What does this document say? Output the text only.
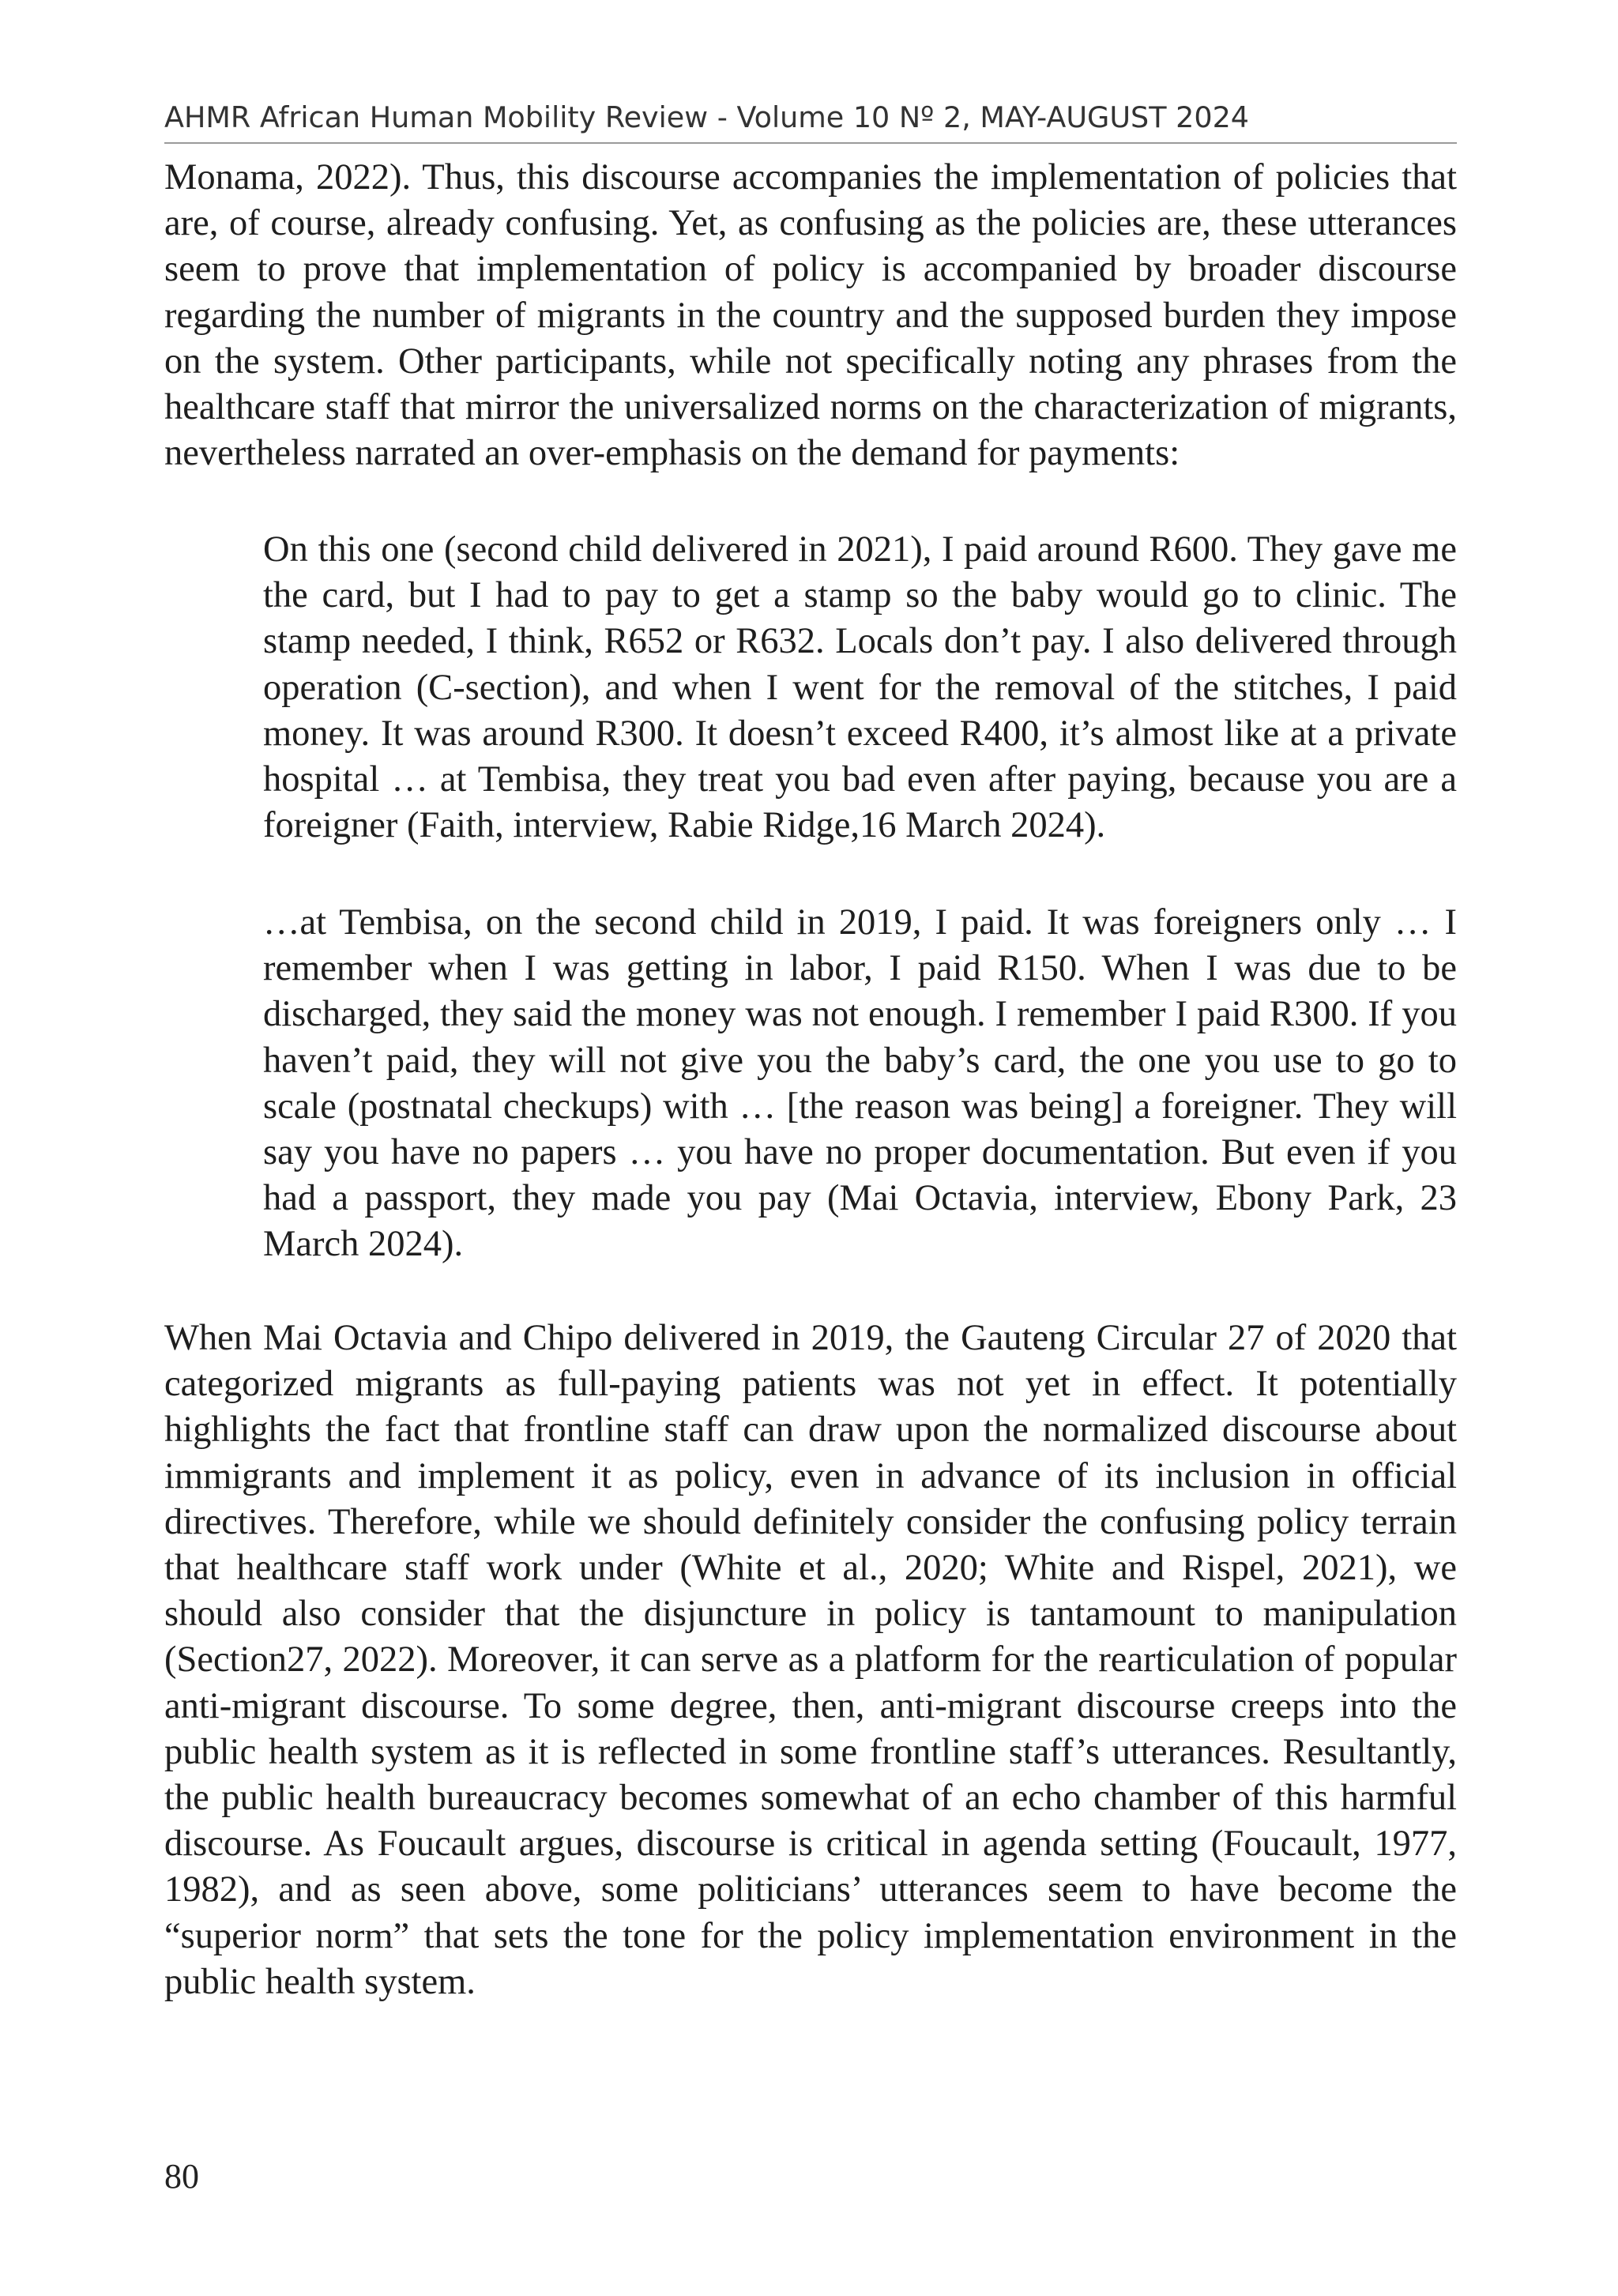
AHMR African Human Mobility Review - Volume 10 Nº 2, MAY-AUGUST 2024
Monama, 2022). Thus, this discourse accompanies the implementation of policies that are, of course, already confusing. Yet, as confusing as the policies are, these utterances seem to prove that implementation of policy is accompanied by broader discourse regarding the number of migrants in the country and the supposed burden they impose on the system. Other participants, while not specifically noting any phrases from the healthcare staff that mirror the universalized norms on the characterization of migrants, nevertheless narrated an over-emphasis on the demand for payments:
On this one (second child delivered in 2021), I paid around R600. They gave me the card, but I had to pay to get a stamp so the baby would go to clinic. The stamp needed, I think, R652 or R632. Locals don’t pay. I also delivered through operation (C-section), and when I went for the removal of the stitches, I paid money. It was around R300. It doesn’t exceed R400, it’s almost like at a private hospital … at Tembisa, they treat you bad even after paying, because you are a foreigner (Faith, interview, Rabie Ridge,16 March 2024).
…at Tembisa, on the second child in 2019, I paid. It was foreigners only … I remember when I was getting in labor, I paid R150. When I was due to be discharged, they said the money was not enough. I remember I paid R300. If you haven’t paid, they will not give you the baby’s card, the one you use to go to scale (postnatal checkups) with … [the reason was being] a foreigner. They will say you have no papers … you have no proper documentation. But even if you had a passport, they made you pay (Mai Octavia, interview, Ebony Park, 23 March 2024).
When Mai Octavia and Chipo delivered in 2019, the Gauteng Circular 27 of 2020 that categorized migrants as full-paying patients was not yet in effect. It potentially highlights the fact that frontline staff can draw upon the normalized discourse about immigrants and implement it as policy, even in advance of its inclusion in official directives. Therefore, while we should definitely consider the confusing policy terrain that healthcare staff work under (White et al., 2020; White and Rispel, 2021), we should also consider that the disjuncture in policy is tantamount to manipulation (Section27, 2022). Moreover, it can serve as a platform for the rearticulation of popular anti-migrant discourse. To some degree, then, anti-migrant discourse creeps into the public health system as it is reflected in some frontline staff’s utterances. Resultantly, the public health bureaucracy becomes somewhat of an echo chamber of this harmful discourse. As Foucault argues, discourse is critical in agenda setting (Foucault, 1977, 1982), and as seen above, some politicians’ utterances seem to have become the “superior norm” that sets the tone for the policy implementation environment in the public health system.
80
